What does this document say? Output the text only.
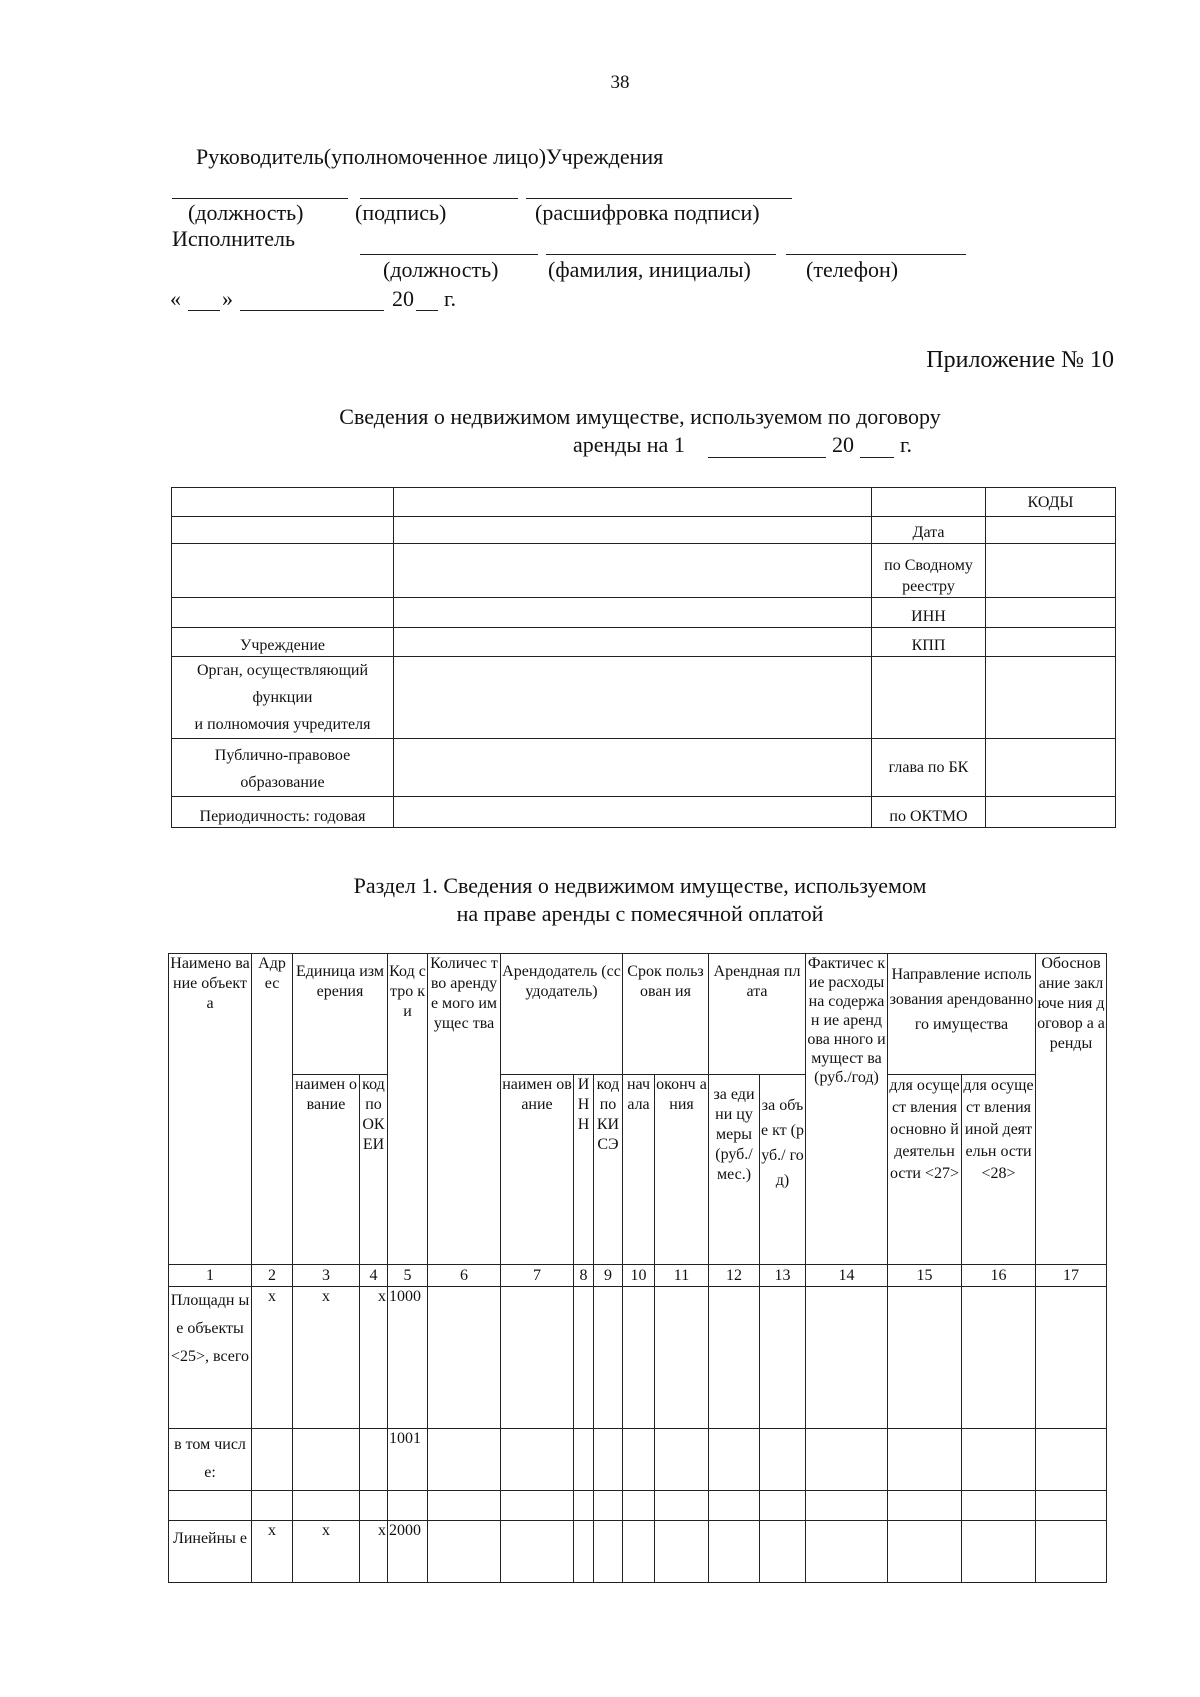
38
Руководитель(уполномоченное лицо)Учреждения
(должность) (подпись)	(расшифровка подписи)
Исполнитель
(должность) (фамилия, инициалы)	(телефон)
« »	20 г.
Приложение № 10
Сведения о недвижимом имуществе, используемом по договору
аренды на 1	20 г.
			КОДЫ
		Дата	

		по Сводному
реестру	

		ИНН	
Учреждение		КПП	

Орган, осуществляющий
функции
и полномочия учредителя			

Публично-правовое
образование		глава по БК	
Периодичность: годовая		по ОКТМО	
Раздел 1. Сведения о недвижимом имуществе, используемом
на праве аренды с помесячной оплатой
Наимено вание объекта	Адр ес	Единица измерения		Код стро ки	Количес тво арендуе мого имущес тва	Арендодатель (ссудодатель)			Срок пользован ия		Арендная плата		Фактичес кие расходы на содержан ие арендова нного имущест ва (руб./год)	Направление использования арендованного имущества		Обоснов ание заключе ния договор а аренды
		наимен ование	код по ОК ЕИ			наимен ование	И Н Н	код по КИ СЭ	нач ала	оконч ания	за едини цу меры (руб./ мес.)	за объе кт (руб./ год)		для осущест вления основно й деятельн ости <27>	для осущест вления иной деятельн ости <28>	
1	2	3	4	5	6	7	8	9	10	11	12	13	14	15	16	17
Площадн ые объекты <25>, всего	x	x	x	1000												
в том числе:				1001												

Линейны е	x	x	x	2000												
